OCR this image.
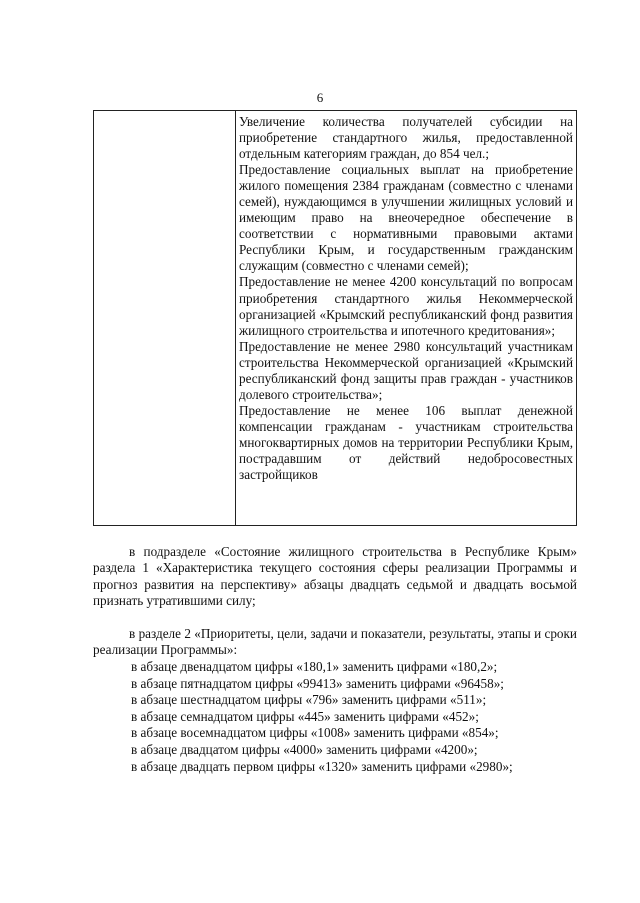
6

Увеличение количества получателей субсидии на приобретение стандартного жилья, предоставленной отдельным категориям граждан, до 854 чел.;

Предоставление социальных выплат на приобретение жилого помещения 2384 гражданам (совместно с членами семей), нуждающимся в улучшении жилищных условий и имеющим право на внеочередное обеспечение в соответствии с нормативными правовыми актами Республики Крым, и государственным гражданским служащим (совместно с членами семей);

Предоставление не менее 4200 консультаций по вопросам приобретения стандартного жилья Некоммерческой организацией «Крымский республиканский фонд развития жилищного строительства и ипотечного кредитования»;

Предоставление не менее 2980 консультаций участникам строительства Некоммерческой организацией «Крымский республиканский фонд защиты прав граждан - участников долевого строительства»;

Предоставление не менее 106 выплат денежной компенсации гражданам - участникам строительства многоквартирных домов на территории Республики Крым, пострадавшим от действий недобросовестных застройщиков

в подразделе «Состояние жилищного строительства в Республике Крым» раздела 1 «Характеристика текущего состояния сферы реализации Программы и прогноз развития на перспективу» абзацы двадцать седьмой и двадцать восьмой признать утратившими силу;

в разделе 2 «Приоритеты, цели, задачи и показатели, результаты, этапы и сроки реализации Программы»:

в абзаце двенадцатом цифры «180,1» заменить цифрами «180,2»;
в абзаце пятнадцатом цифры «99413» заменить цифрами «96458»;
в абзаце шестнадцатом цифры «796» заменить цифрами «511»;
в абзаце семнадцатом цифры «445» заменить цифрами «452»;
в абзаце восемнадцатом цифры «1008» заменить цифрами «854»;
в абзаце двадцатом цифры «4000» заменить цифрами «4200»;
в абзаце двадцать первом цифры «1320» заменить цифрами «2980»;
